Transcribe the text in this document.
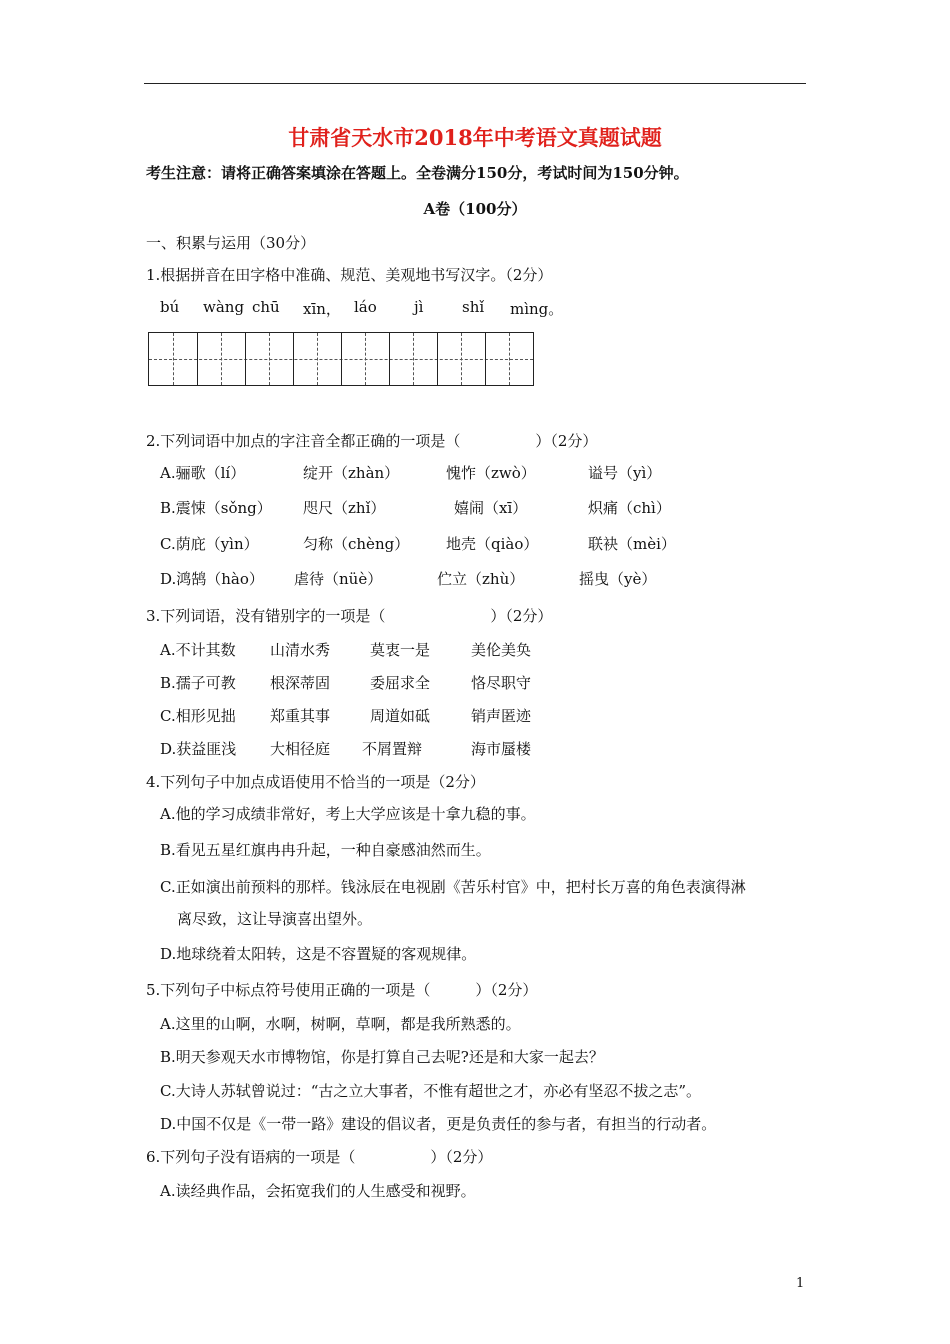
甘肃省天水市2018年中考语文真题试题
考生注意：请将正确答案填涂在答题上。全卷满分150分，考试时间为150分钟。
A卷（100分）
一、积累与运用（30分）
1.根据拼音在田字格中准确、规范、美观地书写汉字。（2分）
bú wàng chū xīn， láo jì	shǐ mìng。
2.下列词语中加点的字注音全都正确的一项是（　　　　　）（2分）
A.骊歌（lí）	绽开（zhàn）	愧怍（zwò）	谥号（yì）
B.震悚（sǒng） 咫尺（zhǐ）	嬉闹（xī）	炽痛（chì）
C.荫庇（yìn）	匀称（chèng） 地壳（qiào）	联袂（mèi）
D.鸿鹄（hào） 虐待（nüè）	伫立（zhù）	摇曳（yè）
3.下列词语，没有错别字的一项是（　　　　　　　）（2分）
A.不计其数 山清水秀	莫衷一是	美伦美奂
B.孺子可教 根深蒂固	委屈求全	恪尽职守
C.相形见拙 郑重其事	周道如砥	销声匿迹
D.获益匪浅 大相径庭 不屑置辩	海市蜃楼
4.下列句子中加点成语使用不恰当的一项是（2分）
A.他的学习成绩非常好，考上大学应该是十拿九稳的事。
B.看见五星红旗冉冉升起，一种自豪感油然而生。
C.正如演出前预料的那样。钱泳辰在电视剧《苦乐村官》中，把村长万喜的角色表演得淋
离尽致，这让导演喜出望外。
D.地球绕着太阳转，这是不容置疑的客观规律。
5.下列句子中标点符号使用正确的一项是（　　　）（2分）
A.这里的山啊，水啊，树啊，草啊，都是我所熟悉的。
B.明天参观天水市博物馆，你是打算自己去呢?还是和大家一起去？
C.大诗人苏轼曾说过：“古之立大事者，不惟有超世之才，亦必有坚忍不拔之志”。
D.中国不仅是《一带一路》建设的倡议者，更是负责任的参与者，有担当的行动者。
6.下列句子没有语病的一项是（　　　　　）（2分）
A.读经典作品，会拓宽我们的人生感受和视野。
1
